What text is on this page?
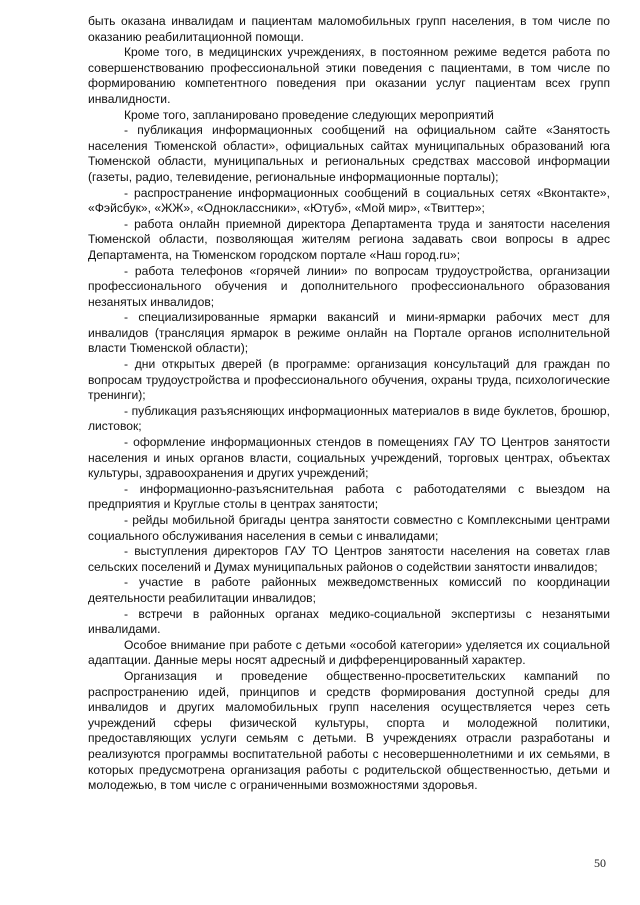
быть оказана инвалидам и пациентам маломобильных групп населения, в том числе по оказанию реабилитационной помощи.

Кроме того, в медицинских учреждениях, в постоянном режиме ведется работа по совершенствованию профессиональной этики поведения с пациентами, в том числе по формированию компетентного поведения при оказании услуг пациентам всех групп инвалидности.

Кроме того, запланировано проведение следующих мероприятий

- публикация информационных сообщений на официальном сайте «Занятость населения Тюменской области», официальных сайтах муниципальных образований юга Тюменской области, муниципальных и региональных средствах массовой информации (газеты, радио, телевидение, региональные информационные порталы);

- распространение информационных сообщений в социальных сетях «Вконтакте», «Фэйсбук», «ЖЖ», «Одноклассники», «Ютуб», «Мой мир», «Твиттер»;

- работа онлайн приемной директора Департамента труда и занятости населения Тюменской области, позволяющая жителям региона задавать свои вопросы в адрес Департамента, на Тюменском городском портале «Наш город.ru»;

- работа телефонов «горячей линии» по вопросам трудоустройства, организации профессионального обучения и дополнительного профессионального образования незанятых инвалидов;

- специализированные ярмарки вакансий и мини-ярмарки рабочих мест для инвалидов (трансляция ярмарок в режиме онлайн на Портале органов исполнительной власти Тюменской области);

- дни открытых дверей (в программе: организация консультаций для граждан по вопросам трудоустройства и профессионального обучения, охраны труда, психологические тренинги);

- публикация разъясняющих информационных материалов в виде буклетов, брошюр, листовок;

- оформление информационных стендов в помещениях ГАУ ТО Центров занятости населения и иных органов власти, социальных учреждений, торговых центрах, объектах культуры, здравоохранения и других учреждений;

- информационно-разъяснительная работа с работодателями с выездом на предприятия и Круглые столы в центрах занятости;

- рейды мобильной бригады центра занятости совместно с Комплексными центрами социального обслуживания населения в семьи с инвалидами;

- выступления директоров ГАУ ТО Центров занятости населения на советах глав сельских поселений и Думах муниципальных районов о содействии занятости инвалидов;

- участие в работе районных межведомственных комиссий по координации деятельности реабилитации инвалидов;

- встречи в районных органах медико-социальной экспертизы с незанятыми инвалидами.

Особое внимание при работе с детьми «особой категории» уделяется их социальной адаптации. Данные меры носят адресный и дифференцированный характер.

Организация и проведение общественно-просветительских кампаний по распространению идей, принципов и средств формирования доступной среды для инвалидов и других маломобильных групп населения осуществляется через сеть учреждений сферы физической культуры, спорта и молодежной политики, предоставляющих услуги семьям с детьми. В учреждениях отрасли разработаны и реализуются программы воспитательной работы с несовершеннолетними и их семьями, в которых предусмотрена организация работы с родительской общественностью, детьми и молодежью, в том числе с ограниченными возможностями здоровья.

50
